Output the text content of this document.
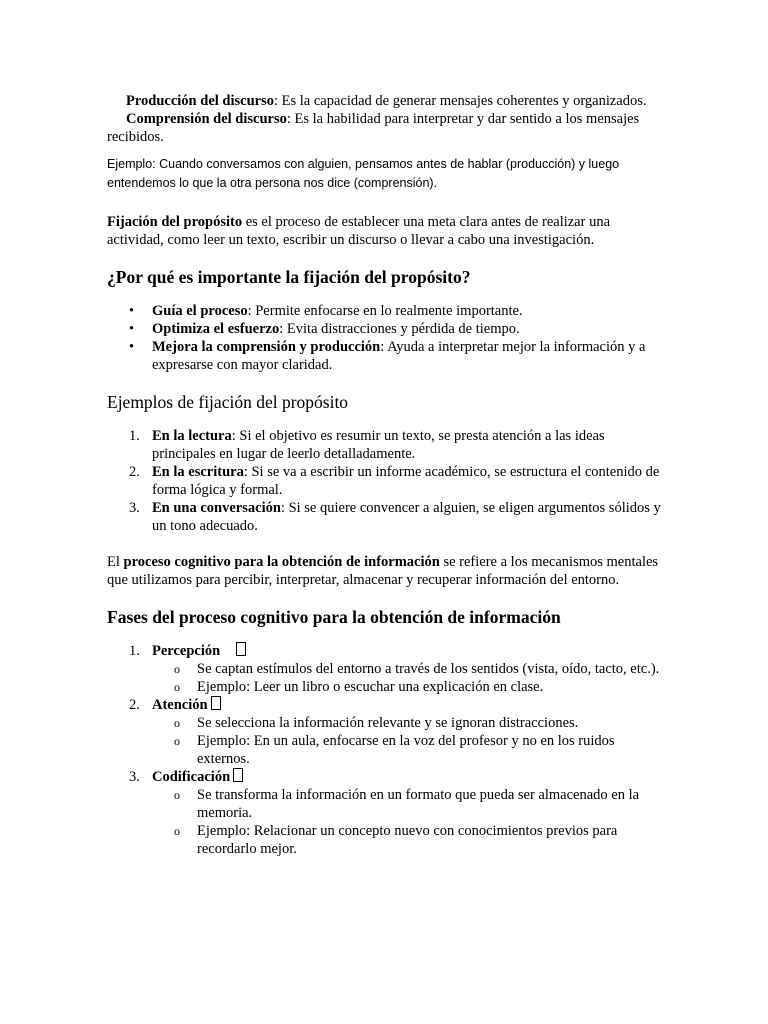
Producción del discurso: Es la capacidad de generar mensajes coherentes y organizados.

Comprensión del discurso: Es la habilidad para interpretar y dar sentido a los mensajes recibidos.

Ejemplo: Cuando conversamos con alguien, pensamos antes de hablar (producción) y luego entendemos lo que la otra persona nos dice (comprensión).

Fijación del propósito es el proceso de establecer una meta clara antes de realizar una actividad, como leer un texto, escribir un discurso o llevar a cabo una investigación.

¿Por qué es importante la fijación del propósito?
• Guía el proceso: Permite enfocarse en lo realmente importante.
• Optimiza el esfuerzo: Evita distracciones y pérdida de tiempo.
• Mejora la comprensión y producción: Ayuda a interpretar mejor la información y a expresarse con mayor claridad.
Ejemplos de fijación del propósito
1. En la lectura: Si el objetivo es resumir un texto, se presta atención a las ideas principales en lugar de leerlo detalladamente.
2. En la escritura: Si se va a escribir un informe académico, se estructura el contenido de forma lógica y formal.
3. En una conversación: Si se quiere convencer a alguien, se eligen argumentos sólidos y un tono adecuado.

El proceso cognitivo para la obtención de información se refiere a los mecanismos mentales que utilizamos para percibir, interpretar, almacenar y recuperar información del entorno.

Fases del proceso cognitivo para la obtención de información
1. Percepción
o Se captan estímulos del entorno a través de los sentidos (vista, oído, tacto, etc.).
o Ejemplo: Leer un libro o escuchar una explicación en clase.
2. Atención
o Se selecciona la información relevante y se ignoran distracciones.
o Ejemplo: En un aula, enfocarse en la voz del profesor y no en los ruidos externos.
3. Codificación
o Se transforma la información en un formato que pueda ser almacenado en la memoria.
o Ejemplo: Relacionar un concepto nuevo con conocimientos previos para recordarlo mejor.
